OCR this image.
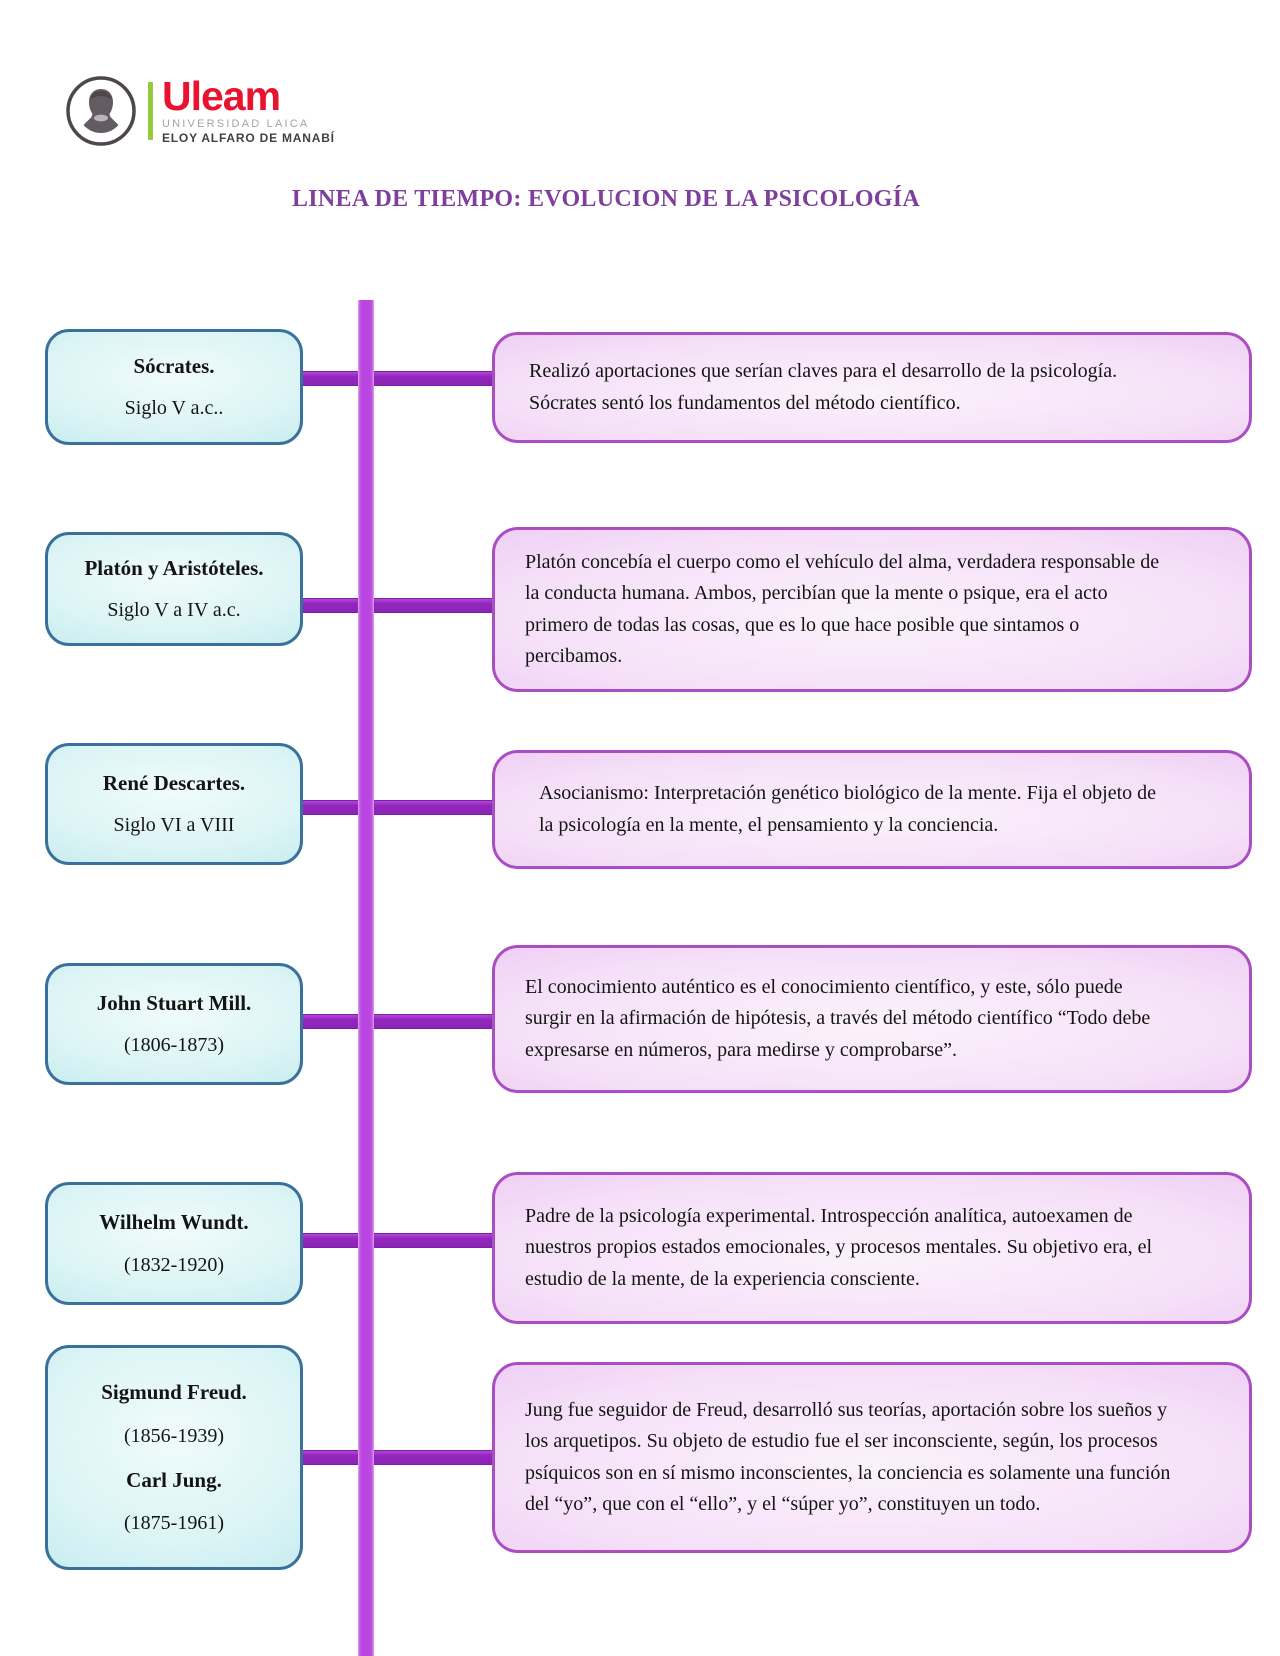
Uleam
UNIVERSIDAD LAICA
ELOY ALFARO DE MANABÍ
LINEA DE TIEMPO: EVOLUCION DE LA PSICOLOGÍA
Sócrates.
Siglo V a.c..

Realizó aportaciones que serían claves para el desarrollo de la psicología. Sócrates sentó los fundamentos del método científico.

Platón y Aristóteles.
Siglo V a IV a.c.

Platón concebía el cuerpo como el vehículo del alma, verdadera responsable de la conducta humana. Ambos, percibían que la mente o psique, era el acto primero de todas las cosas, que es lo que hace posible que sintamos o percibamos.

René Descartes.
Siglo VI a VIII

Asocianismo: Interpretación genético biológico de la mente. Fija el objeto de la psicología en la mente, el pensamiento y la conciencia.

John Stuart Mill.
(1806-1873)

El conocimiento auténtico es el conocimiento científico, y este, sólo puede surgir en la afirmación de hipótesis, a través del método científico “Todo debe expresarse en números, para medirse y comprobarse”.

Wilhelm Wundt.
(1832-1920)

Padre de la psicología experimental. Introspección analítica, autoexamen de nuestros propios estados emocionales, y procesos mentales. Su objetivo era, el estudio de la mente, de la experiencia consciente.

Sigmund Freud.
(1856-1939)
Carl Jung.
(1875-1961)

Jung fue seguidor de Freud, desarrolló sus teorías, aportación sobre los sueños y los arquetipos. Su objeto de estudio fue el ser inconsciente, según, los procesos psíquicos son en sí mismo inconscientes, la conciencia es solamente una función del “yo”, que con el “ello”, y el “súper yo”, constituyen un todo.
